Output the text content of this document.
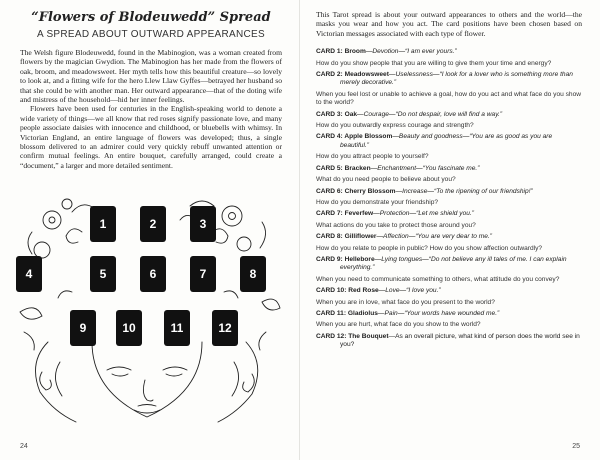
“Flowers of Blodeuwedd” Spread
A SPREAD ABOUT OUTWARD APPEARANCES

The Welsh figure Blodeuwedd, found in the Mabinogion, was a woman created from flowers by the magician Gwydion. The Mabinogion has her made from the flowers of oak, broom, and meadowsweet. Her myth tells how this beautiful creature—so lovely to look at, and a fitting wife for the hero Llew Llaw Gyffes—betrayed her husband so that she could be with another man. Her outward appearance—that of the doting wife and mistress of the household—hid her inner feelings.

Flowers have been used for centuries in the English-speaking world to denote a wide variety of things—we all know that red roses signify passionate love, and many people associate daisies with innocence and childhood, or bluebells with whimsy. In Victorian England, an entire language of flowers was developed; thus, a single blossom delivered to an admirer could very quickly rebuff unwanted attention or confirm mutual feelings. An entire bouquet, carefully arranged, could create a “document,” a larger and more detailed sentiment.

1	2	3
4	5	6	7	8
9	10	11	12
24

This Tarot spread is about your outward appearances to others and the world—the masks you wear and how you act. The card positions have been chosen based on Victorian messages associated with each type of flower.

CARD 1: Broom—Devotion—“I am ever yours.”

How do you show people that you are willing to give them your time and energy?

CARD 2: Meadowsweet—Uselessness—“I look for a lover who is something more than merely decorative.”

When you feel lost or unable to achieve a goal, how do you act and what face do you show to the world?

CARD 3: Oak—Courage—“Do not despair, love will find a way.”

How do you outwardly express courage and strength?

CARD 4: Apple Blossom—Beauty and goodness—“You are as good as you are beautiful.”

How do you attract people to yourself?

CARD 5: Bracken—Enchantment—“You fascinate me.”

What do you need people to believe about you?

CARD 6: Cherry Blossom—Increase—“To the ripening of our friendship!”

How do you demonstrate your friendship?

CARD 7: Feverfew—Protection—“Let me shield you.”

What actions do you take to protect those around you?

CARD 8: Gilliflower—Affection—“You are very dear to me.”

How do you relate to people in public? How do you show affection outwardly?

CARD 9: Hellebore—Lying tongues—“Do not believe any ill tales of me. I can explain everything.”

When you need to communicate something to others, what attitude do you convey?

CARD 10: Red Rose—Love—“I love you.”

When you are in love, what face do you present to the world?

CARD 11: Gladiolus—Pain—“Your words have wounded me.”

When you are hurt, what face do you show to the world?

CARD 12: The Bouquet—As an overall picture, what kind of person does the world see in you?

25
